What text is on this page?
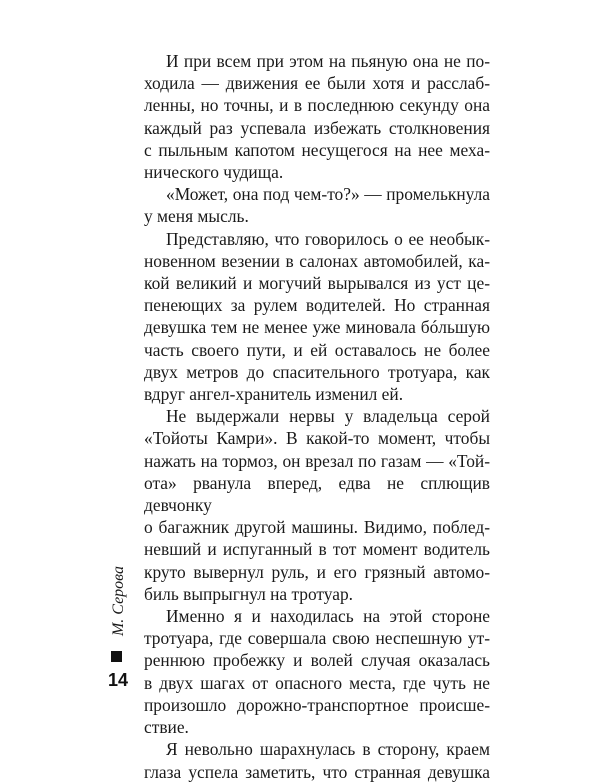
И при всем при этом на пьяную она не по-
ходила — движения ее были хотя и расслаб-
ленны, но точны, и в последнюю секунду она
каждый раз успевала избежать столкновения
с пыльным капотом несущегося на нее меха-
нического чудища.

«Может, она под чем-то?» — промелькнула
у меня мысль.

Представляю, что говорилось о ее необык-
новенном везении в салонах автомобилей, ка-
кой великий и могучий вырывался из уст це-
пенеющих за рулем водителей. Но странная
девушка тем не менее уже миновала бóльшую
часть своего пути, и ей оставалось не более
двух метров до спасительного тротуара, как
вдруг ангел-хранитель изменил ей.

Не выдержали нервы у владельца серой
«Тойоты Камри». В какой-то момент, чтобы
нажать на тормоз, он врезал по газам — «Той-
ота» рванула вперед, едва не сплющив девчонку
о багажник другой машины. Видимо, поблед-
невший и испуганный в тот момент водитель
круто вывернул руль, и его грязный автомо-
биль выпрыгнул на тротуар.

Именно я и находилась на этой стороне
тротуара, где совершала свою неспешную ут-
реннюю пробежку и волей случая оказалась
в двух шагах от опасного места, где чуть не
произошло дорожно-транспортное происше-
ствие.

Я невольно шарахнулась в сторону, краем
глаза успела заметить, что странная девушка

М. Серова
14
